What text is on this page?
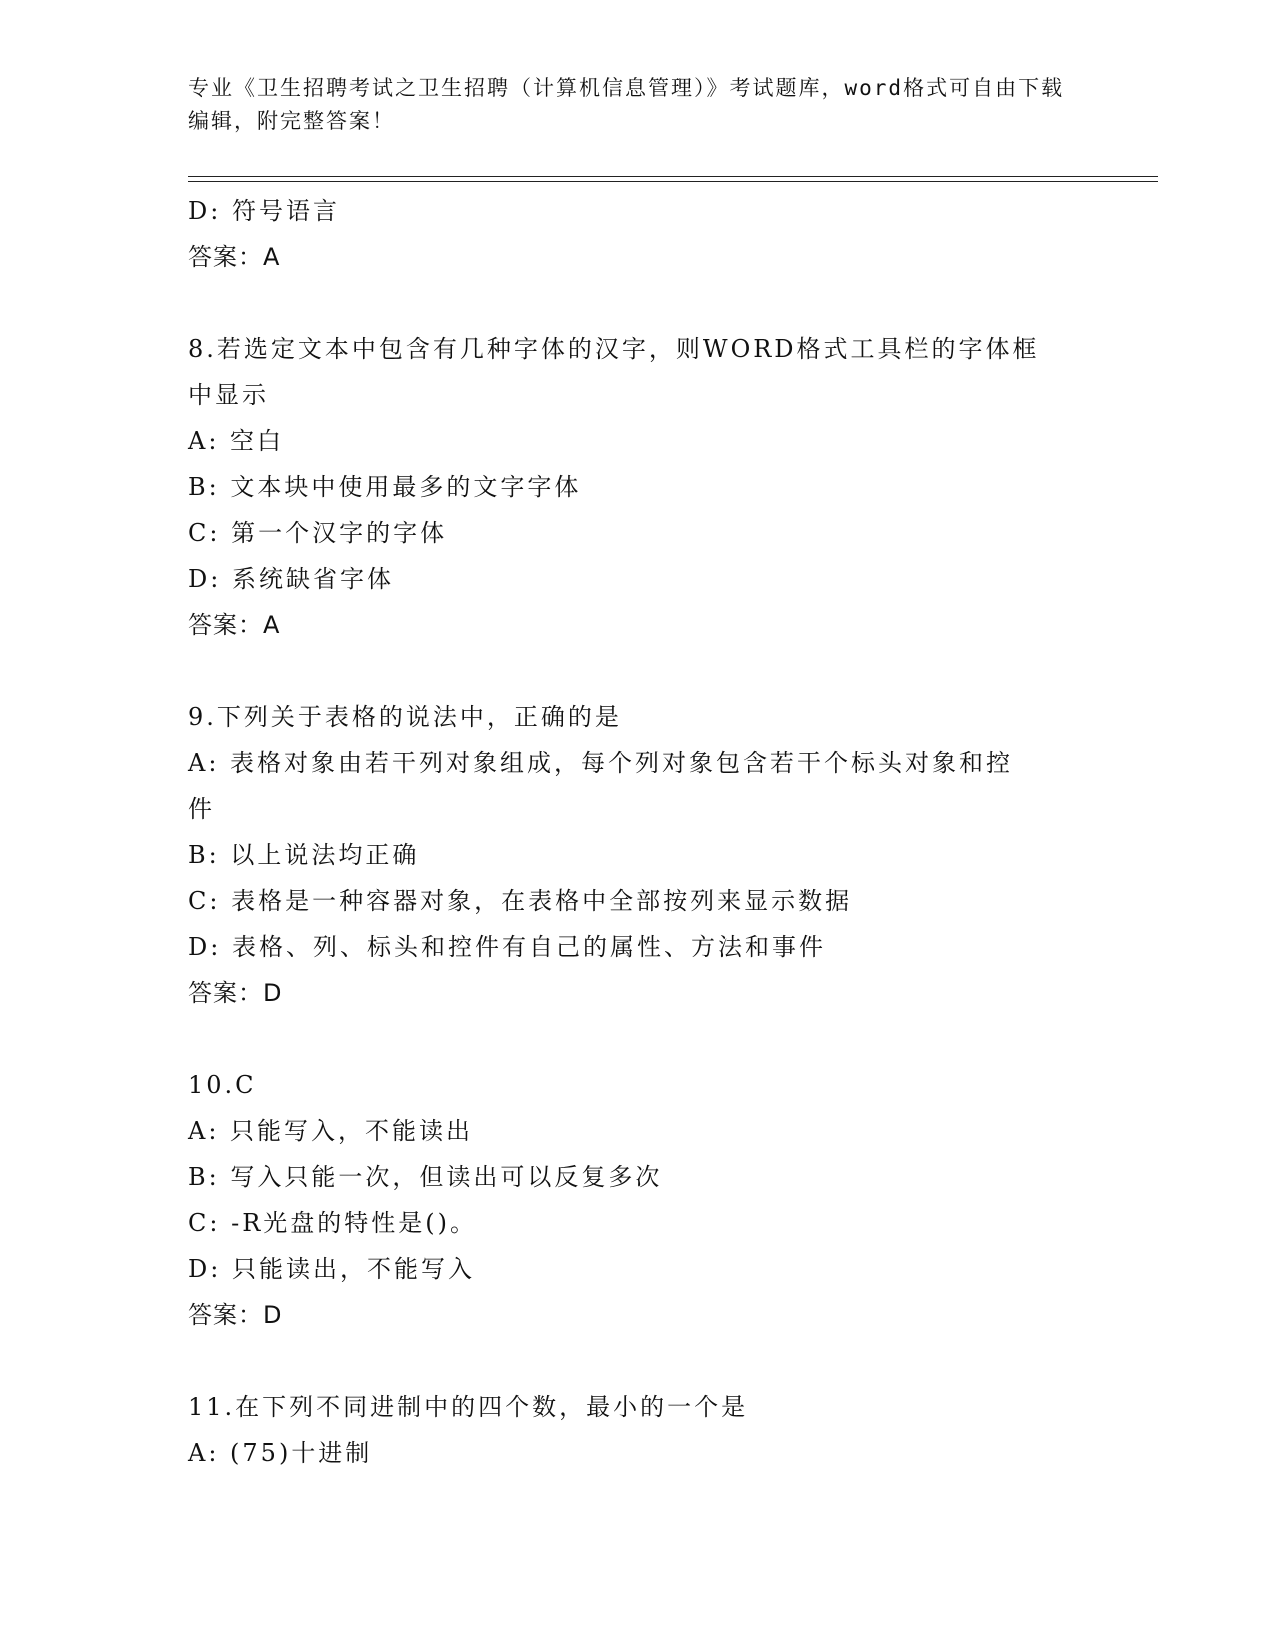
专业《卫生招聘考试之卫生招聘（计算机信息管理）》考试题库，word格式可自由下载编辑，附完整答案！
D: 符号语言
答案：A
8.若选定文本中包含有几种字体的汉字，则WORD格式工具栏的字体框
中显示
A: 空白
B: 文本块中使用最多的文字字体
C: 第一个汉字的字体
D: 系统缺省字体
答案：A
9.下列关于表格的说法中，正确的是
A: 表格对象由若干列对象组成，每个列对象包含若干个标头对象和控
件
B: 以上说法均正确
C: 表格是一种容器对象，在表格中全部按列来显示数据
D: 表格、列、标头和控件有自己的属性、方法和事件
答案：D
10.C
A: 只能写入，不能读出
B: 写入只能一次，但读出可以反复多次
C: -R光盘的特性是()。
D: 只能读出，不能写入
答案：D
11.在下列不同进制中的四个数，最小的一个是
A: (75)十进制
